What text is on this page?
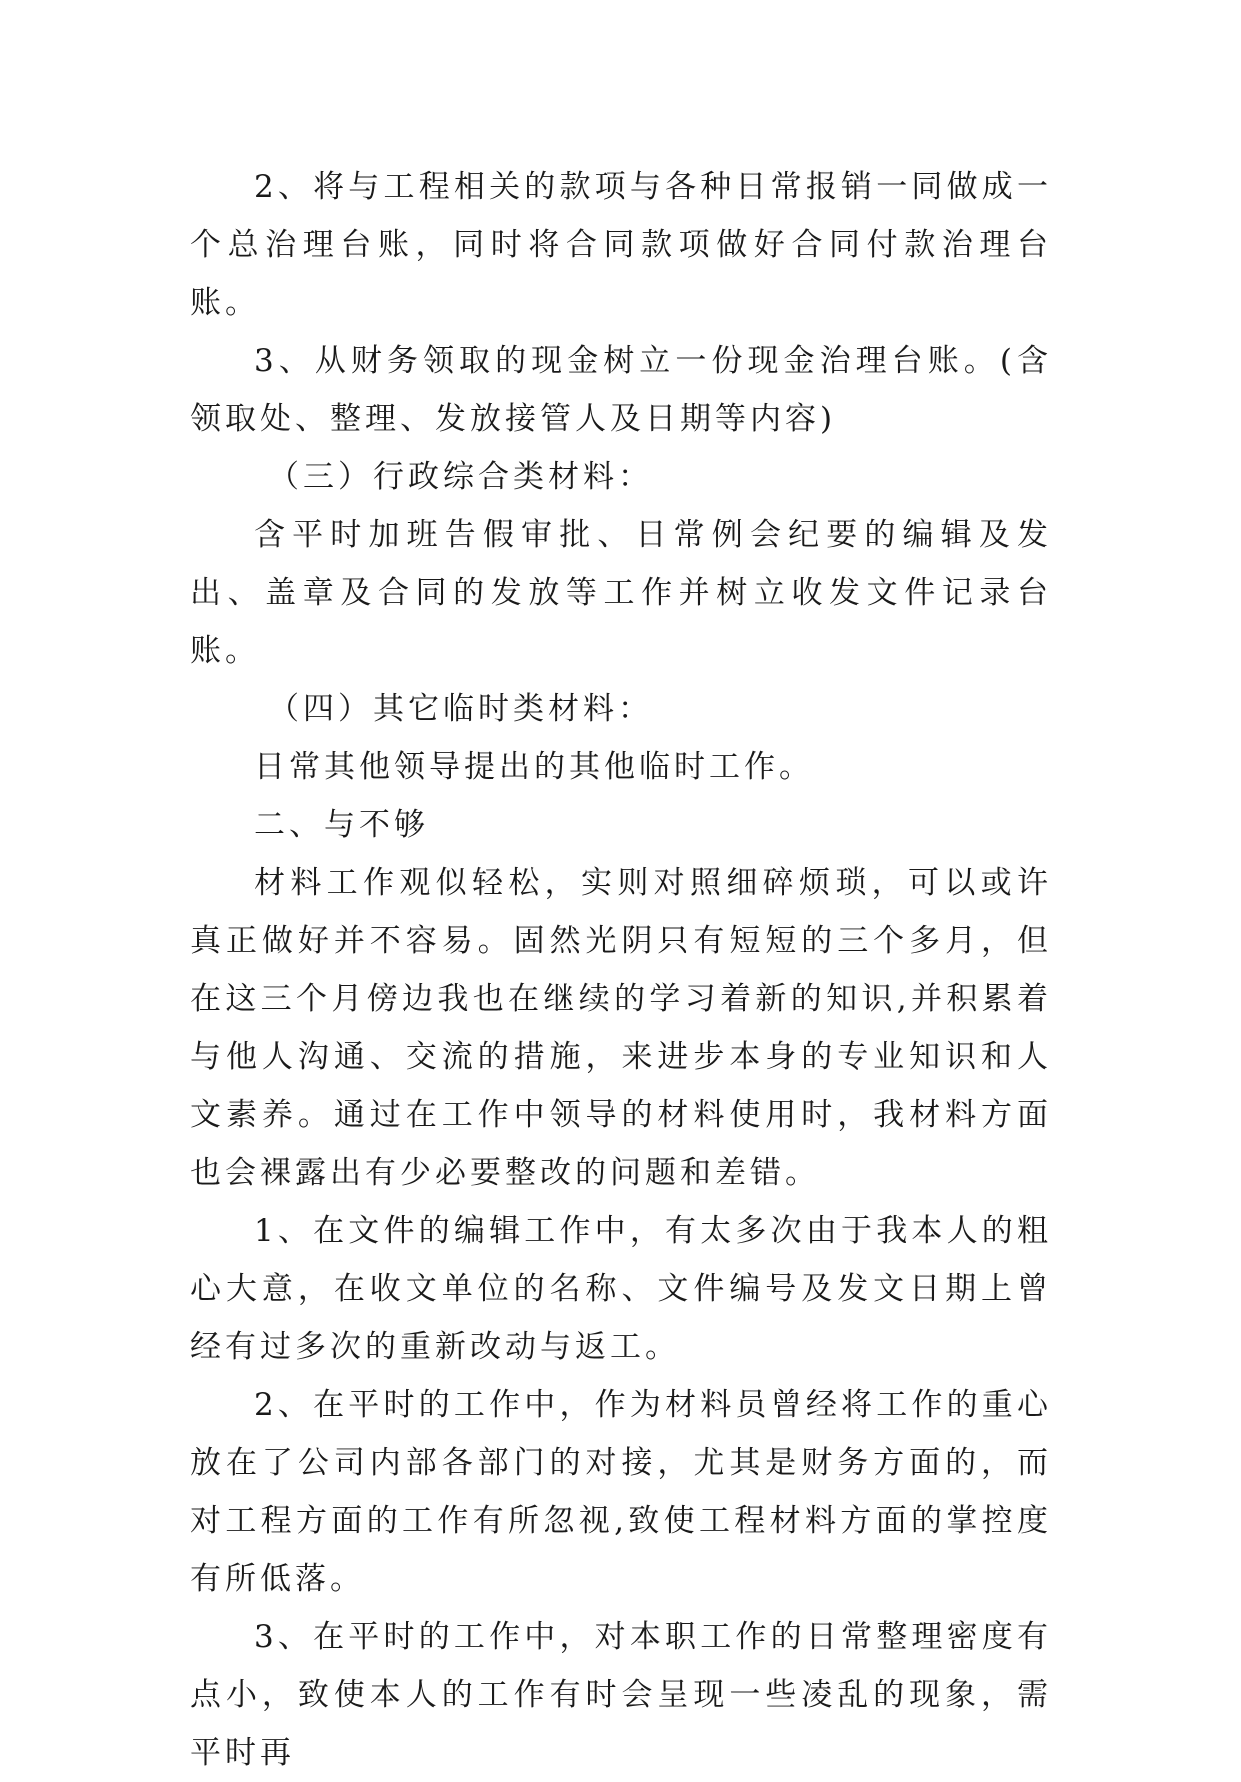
2、将与工程相关的款项与各种日常报销一同做成一个总治理台账，同时将合同款项做好合同付款治理台账。

3、从财务领取的现金树立一份现金治理台账。(含领取处、整理、发放接管人及日期等内容)

（三）行政综合类材料：

含平时加班告假审批、日常例会纪要的编辑及发出、盖章及合同的发放等工作并树立收发文件记录台账。

（四）其它临时类材料：

日常其他领导提出的其他临时工作。

二、与不够

材料工作观似轻松，实则对照细碎烦琐，可以或许真正做好并不容易。固然光阴只有短短的三个多月，但在这三个月傍边我也在继续的学习着新的知识,并积累着与他人沟通、交流的措施，来进步本身的专业知识和人文素养。通过在工作中领导的材料使用时，我材料方面也会裸露出有少必要整改的问题和差错。

1、在文件的编辑工作中，有太多次由于我本人的粗心大意，在收文单位的名称、文件编号及发文日期上曾经有过多次的重新改动与返工。

2、在平时的工作中，作为材料员曾经将工作的重心放在了公司内部各部门的对接，尤其是财务方面的，而对工程方面的工作有所忽视,致使工程材料方面的掌控度有所低落。

3、在平时的工作中，对本职工作的日常整理密度有点小，致使本人的工作有时会呈现一些凌乱的现象，需平时再
